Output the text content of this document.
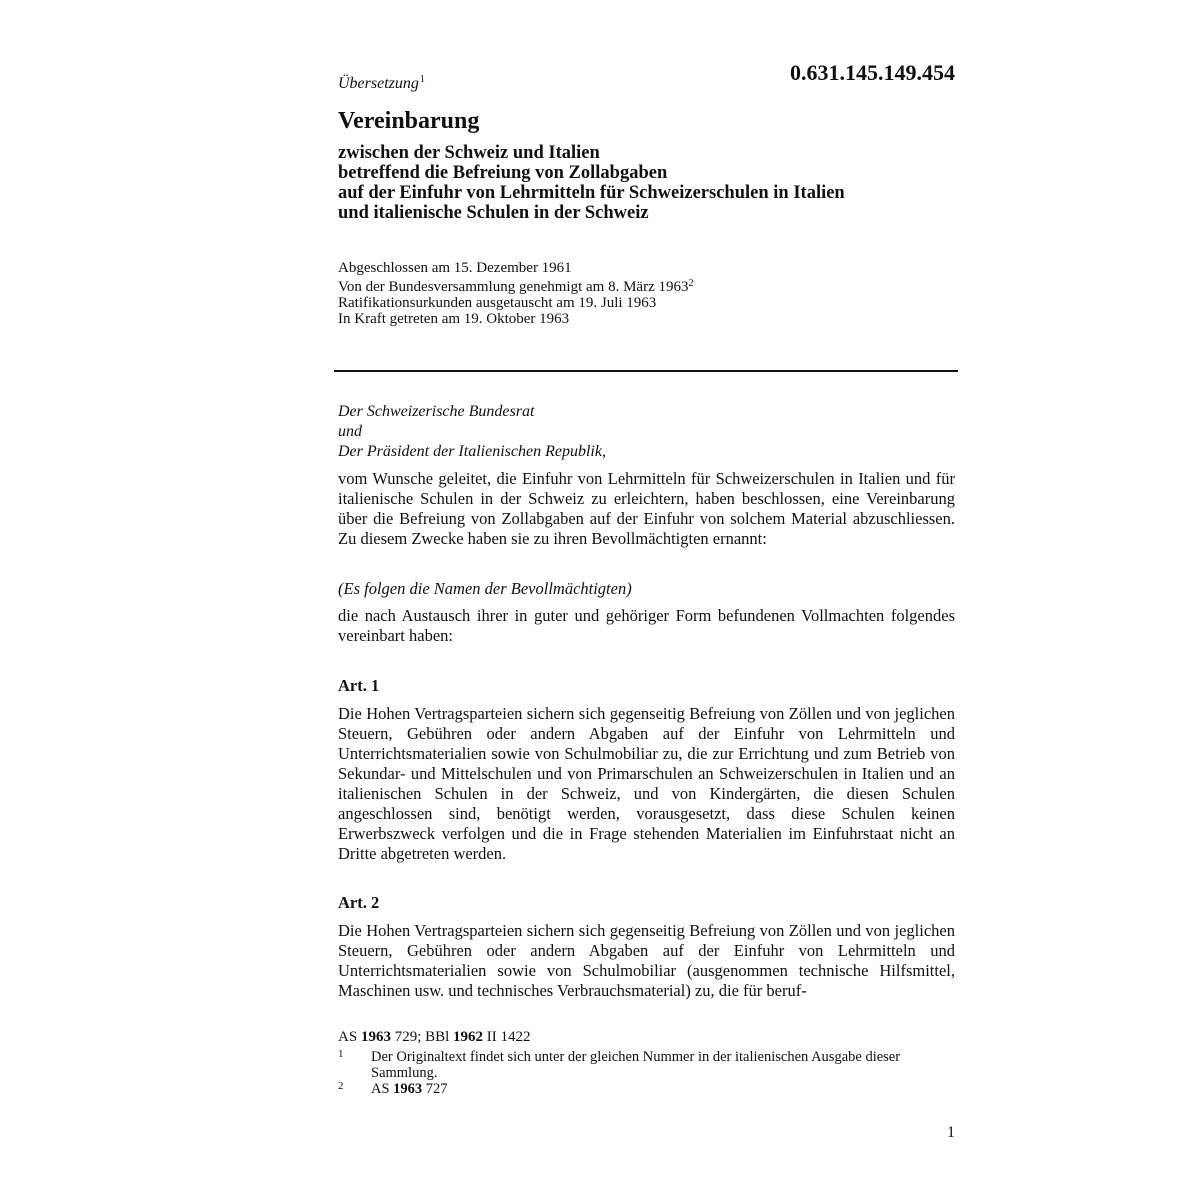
Übersetzung$^1$	0.631.145.149.454
Vereinbarung
zwischen der Schweiz und Italien
betreffend die Befreiung von Zollabgaben
auf der Einfuhr von Lehrmitteln für Schweizerschulen in Italien
und italienische Schulen in der Schweiz
Abgeschlossen am 15. Dezember 1961
Von der Bundesversammlung genehmigt am 8. März 1963$^2$
Ratifikationsurkunden ausgetauscht am 19. Juli 1963
In Kraft getreten am 19. Oktober 1963
Der Schweizerische Bundesrat
und
Der Präsident der Italienischen Republik,
vom Wunsche geleitet, die Einfuhr von Lehrmitteln für Schweizerschulen in Italien und für italienische Schulen in der Schweiz zu erleichtern, haben beschlossen, eine Vereinbarung über die Befreiung von Zollabgaben auf der Einfuhr von solchem Material abzuschliessen. Zu diesem Zwecke haben sie zu ihren Bevollmächtigten ernannt:
(Es folgen die Namen der Bevollmächtigten)
die nach Austausch ihrer in guter und gehöriger Form befundenen Vollmachten folgendes vereinbart haben:
Art. 1
Die Hohen Vertragsparteien sichern sich gegenseitig Befreiung von Zöllen und von jeglichen Steuern, Gebühren oder andern Abgaben auf der Einfuhr von Lehrmitteln und Unterrichtsmaterialien sowie von Schulmobiliar zu, die zur Errichtung und zum Betrieb von Sekundar- und Mittelschulen und von Primarschulen an Schweizerschulen in Italien und an italienischen Schulen in der Schweiz, und von Kindergärten, die diesen Schulen angeschlossen sind, benötigt werden, vorausgesetzt, dass diese Schulen keinen Erwerbszweck verfolgen und die in Frage stehenden Materialien im Einfuhrstaat nicht an Dritte abgetreten werden.
Art. 2
Die Hohen Vertragsparteien sichern sich gegenseitig Befreiung von Zöllen und von jeglichen Steuern, Gebühren oder andern Abgaben auf der Einfuhr von Lehrmitteln und Unterrichtsmaterialien sowie von Schulmobiliar (ausgenommen technische Hilfsmittel, Maschinen usw. und technisches Verbrauchsmaterial) zu, die für beruf-
AS 1963 729; BBl 1962 II 1422
1 Der Originaltext findet sich unter der gleichen Nummer in der italienischen Ausgabe dieser Sammlung.
2 AS 1963 727
1
